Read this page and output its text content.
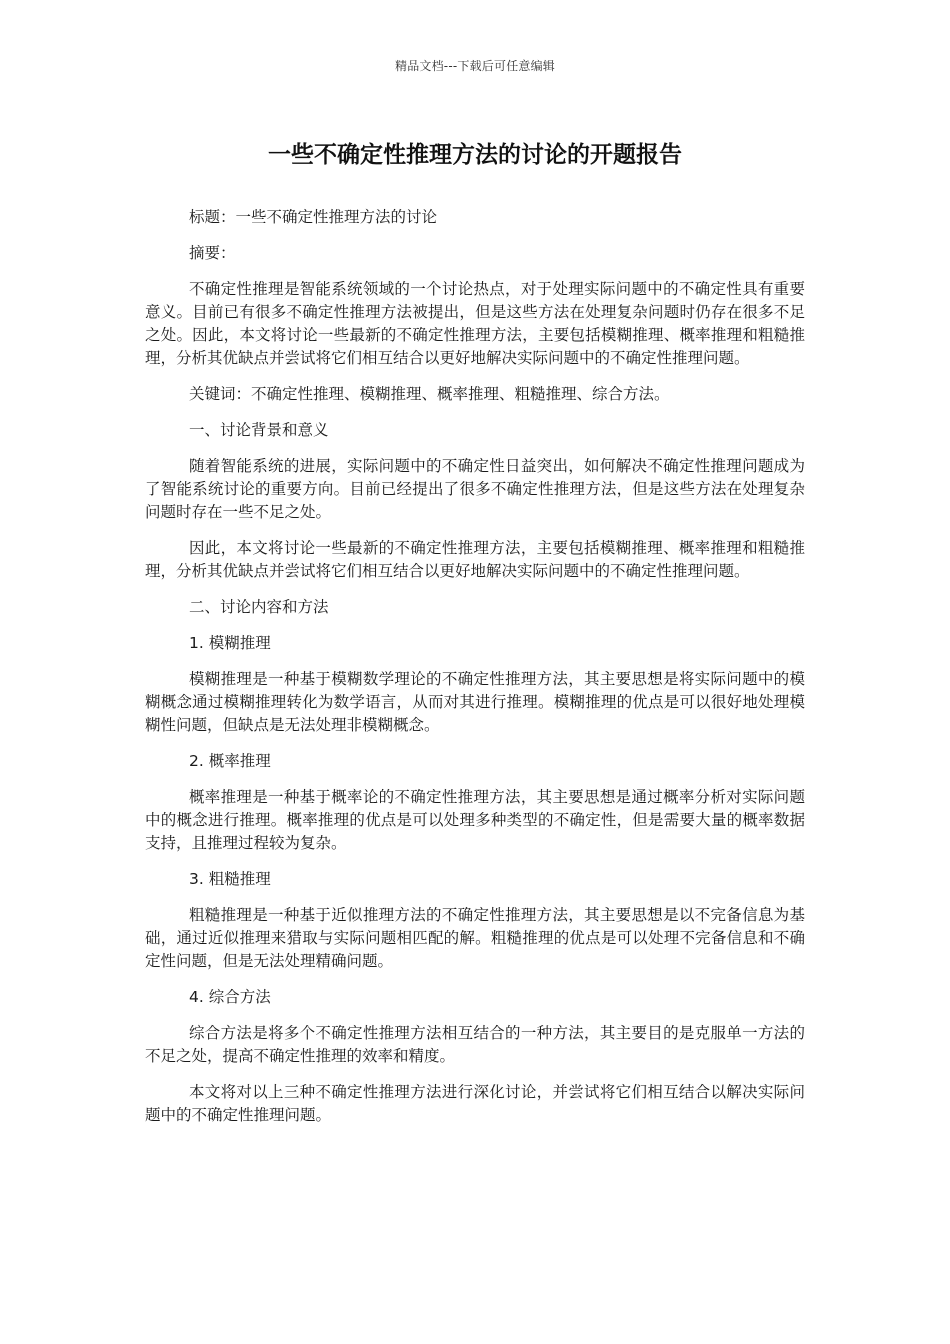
精品文档---下载后可任意编辑
一些不确定性推理方法的讨论的开题报告

标题：一些不确定性推理方法的讨论

摘要：

不确定性推理是智能系统领域的一个讨论热点，对于处理实际问题中的不确定性具有重要意义。目前已有很多不确定性推理方法被提出，但是这些方法在处理复杂问题时仍存在很多不足之处。因此，本文将讨论一些最新的不确定性推理方法，主要包括模糊推理、概率推理和粗糙推理，分析其优缺点并尝试将它们相互结合以更好地解决实际问题中的不确定性推理问题。

关键词：不确定性推理、模糊推理、概率推理、粗糙推理、综合方法。

一、讨论背景和意义

随着智能系统的进展，实际问题中的不确定性日益突出，如何解决不确定性推理问题成为了智能系统讨论的重要方向。目前已经提出了很多不确定性推理方法，但是这些方法在处理复杂问题时存在一些不足之处。

因此，本文将讨论一些最新的不确定性推理方法，主要包括模糊推理、概率推理和粗糙推理，分析其优缺点并尝试将它们相互结合以更好地解决实际问题中的不确定性推理问题。

二、讨论内容和方法

1. 模糊推理

模糊推理是一种基于模糊数学理论的不确定性推理方法，其主要思想是将实际问题中的模糊概念通过模糊推理转化为数学语言，从而对其进行推理。模糊推理的优点是可以很好地处理模糊性问题，但缺点是无法处理非模糊概念。

2. 概率推理

概率推理是一种基于概率论的不确定性推理方法，其主要思想是通过概率分析对实际问题中的概念进行推理。概率推理的优点是可以处理多种类型的不确定性，但是需要大量的概率数据支持，且推理过程较为复杂。

3. 粗糙推理

粗糙推理是一种基于近似推理方法的不确定性推理方法，其主要思想是以不完备信息为基础，通过近似推理来猎取与实际问题相匹配的解。粗糙推理的优点是可以处理不完备信息和不确定性问题，但是无法处理精确问题。

4. 综合方法

综合方法是将多个不确定性推理方法相互结合的一种方法，其主要目的是克服单一方法的不足之处，提高不确定性推理的效率和精度。

本文将对以上三种不确定性推理方法进行深化讨论，并尝试将它们相互结合以解决实际问题中的不确定性推理问题。
